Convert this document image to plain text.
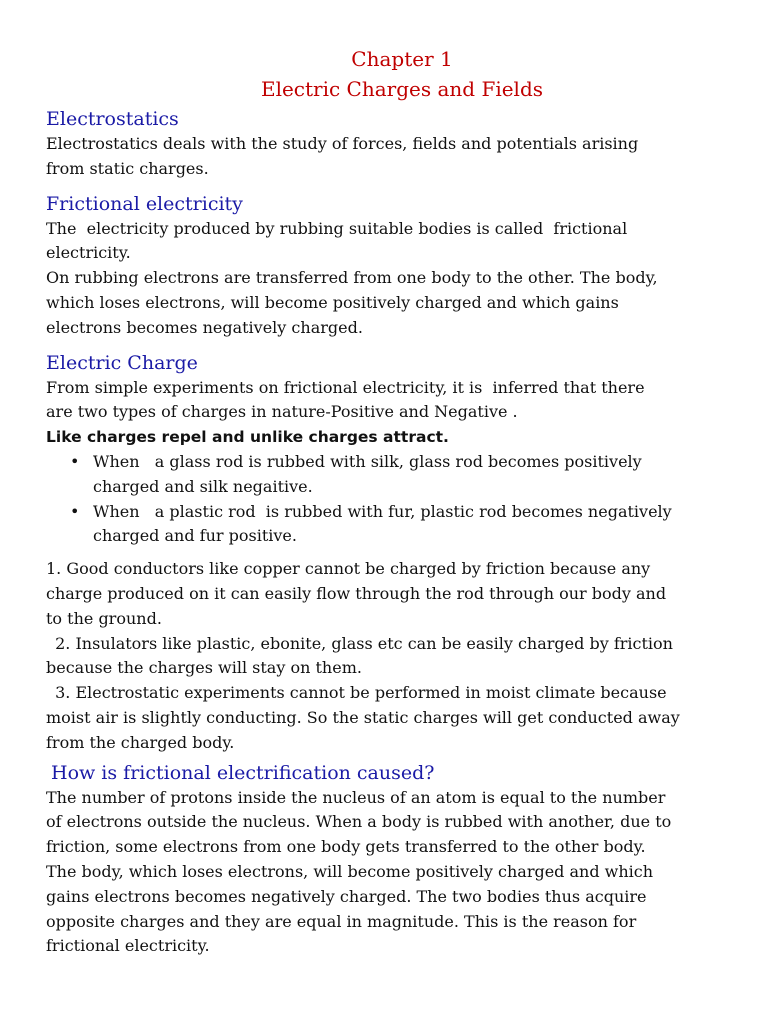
Chapter 1
Electric Charges and Fields
Electrostatics

Electrostatics deals with the study of forces, fields and potentials arising

from static charges.

Frictional electricity

The  electricity produced by rubbing suitable bodies is called  frictional

electricity.

On rubbing electrons are transferred from one body to the other. The body,

which loses electrons, will become positively charged and which gains

electrons becomes negatively charged.

Electric Charge

From simple experiments on frictional electricity, it is  inferred that there

are two types of charges in nature-Positive and Negative .

Like charges repel and unlike charges attract.

• When   a glass rod is rubbed with silk, glass rod becomes positively
charged and silk negaitive.
• When   a plastic rod  is rubbed with fur, plastic rod becomes negatively
charged and fur positive.

1. Good conductors like copper cannot be charged by friction because any

charge produced on it can easily flow through the rod through our body and

to the ground.

2. Insulators like plastic, ebonite, glass etc can be easily charged by friction

because the charges will stay on them.

3. Electrostatic experiments cannot be performed in moist climate because

moist air is slightly conducting. So the static charges will get conducted away

from the charged body.

How is frictional electrification caused?

The number of protons inside the nucleus of an atom is equal to the number

of electrons outside the nucleus. When a body is rubbed with another, due to

friction, some electrons from one body gets transferred to the other body.

The body, which loses electrons, will become positively charged and which

gains electrons becomes negatively charged. The two bodies thus acquire

opposite charges and they are equal in magnitude. This is the reason for

frictional electricity.
